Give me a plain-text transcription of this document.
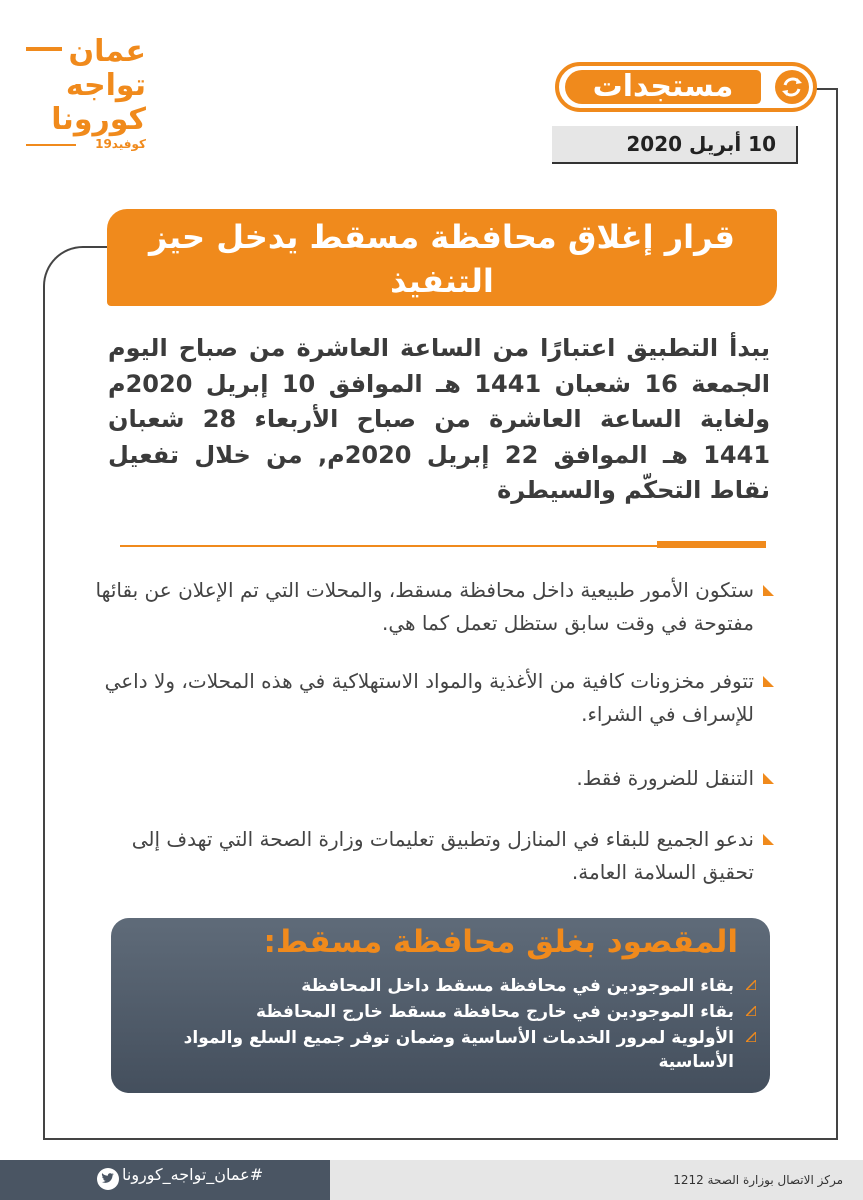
عمان
تواجه
كورونا
كوفيد19
مستجدات
10 أبريل 2020
قرار إغلاق محافظة مسقط يدخل حيز التنفيذ
يبدأ التطبيق اعتبارًا من الساعة العاشرة من صباح اليوم الجمعة 16 شعبان 1441 هـ الموافق 10 إبريل 2020م ولغاية الساعة العاشرة من صباح الأربعاء 28 شعبان 1441 هـ الموافق 22 إبريل 2020م, من خلال تفعيل نقاط التحكّم والسيطرة
ستكون الأمور طبيعية داخل محافظة مسقط، والمحلات التي تم الإعلان عن بقائها مفتوحة في وقت سابق ستظل تعمل كما هي.
تتوفر مخزونات كافية من الأغذية والمواد الاستهلاكية في هذه المحلات، ولا داعي للإسراف في الشراء.
التنقل للضرورة فقط.
ندعو الجميع للبقاء في المنازل وتطبيق تعليمات وزارة الصحة التي تهدف إلى تحقيق السلامة العامة.
المقصود بغلق محافظة مسقط:
بقاء الموجودين في محافظة مسقط داخل المحافظة
بقاء الموجودين في خارج محافظة مسقط خارج المحافظة
الأولوية لمرور الخدمات الأساسية وضمان توفر جميع السلع والمواد الأساسية
#عمان_تواجه_كورونا	مركز الاتصال بوزارة الصحة 1212
